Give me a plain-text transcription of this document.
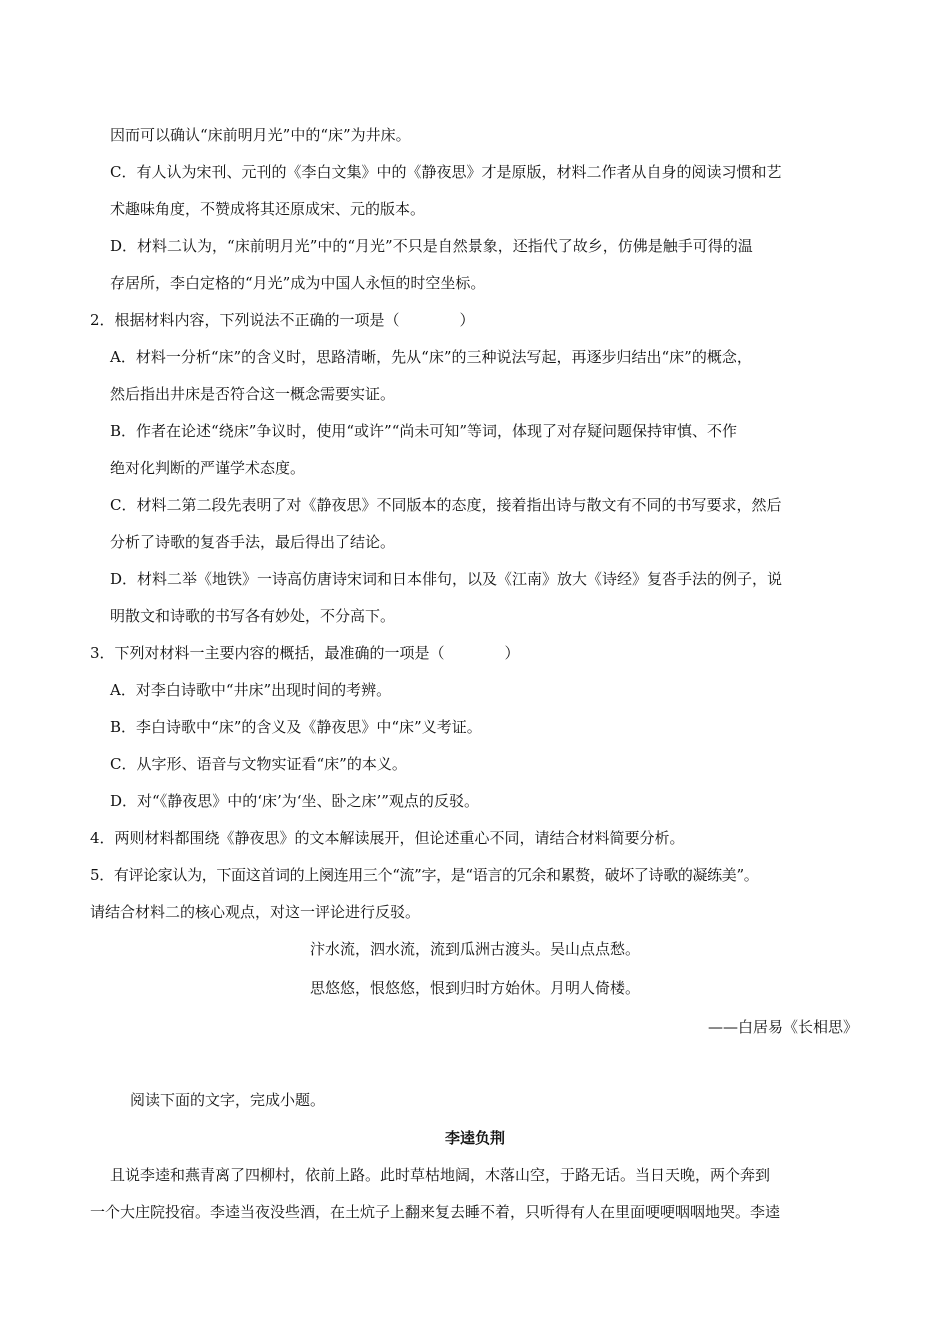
因而可以确认“床前明月光”中的“床”为井床。
C．有人认为宋刊、元刊的《李白文集》中的《静夜思》才是原版，材料二作者从自身的阅读习惯和艺
术趣味角度，不赞成将其还原成宋、元的版本。
D．材料二认为，“床前明月光”中的“月光”不只是自然景象，还指代了故乡，仿佛是触手可得的温
存居所，李白定格的“月光”成为中国人永恒的时空坐标。
2．根据材料内容，下列说法不正确的一项是（　　　　）
A．材料一分析“床”的含义时，思路清晰，先从“床”的三种说法写起，再逐步归结出“床”的概念，
然后指出井床是否符合这一概念需要实证。
B．作者在论述“绕床”争议时，使用“或许”“尚未可知”等词，体现了对存疑问题保持审慎、不作
绝对化判断的严谨学术态度。
C．材料二第二段先表明了对《静夜思》不同版本的态度，接着指出诗与散文有不同的书写要求，然后
分析了诗歌的复沓手法，最后得出了结论。
D．材料二举《地铁》一诗高仿唐诗宋词和日本俳句，以及《江南》放大《诗经》复沓手法的例子，说
明散文和诗歌的书写各有妙处，不分高下。
3．下列对材料一主要内容的概括，最准确的一项是（　　　　）
A．对李白诗歌中“井床”出现时间的考辨。
B．李白诗歌中“床”的含义及《静夜思》中“床”义考证。
C．从字形、语音与文物实证看“床”的本义。
D．对“《静夜思》中的‘床’为‘坐、卧之床’”观点的反驳。
4．两则材料都围绕《静夜思》的文本解读展开，但论述重心不同，请结合材料简要分析。
5．有评论家认为，下面这首词的上阕连用三个“流”字，是“语言的冗余和累赘，破坏了诗歌的凝练美”。
请结合材料二的核心观点，对这一评论进行反驳。
汴水流，泗水流，流到瓜洲古渡头。吴山点点愁。
思悠悠，恨悠悠，恨到归时方始休。月明人倚楼。
——白居易《长相思》
阅读下面的文字，完成小题。
李逵负荆
且说李逵和燕青离了四柳村，依前上路。此时草枯地阔，木落山空，于路无话。当日天晚，两个奔到
一个大庄院投宿。李逵当夜没些酒，在土炕子上翻来复去睡不着，只听得有人在里面哽哽咽咽地哭。李逵
